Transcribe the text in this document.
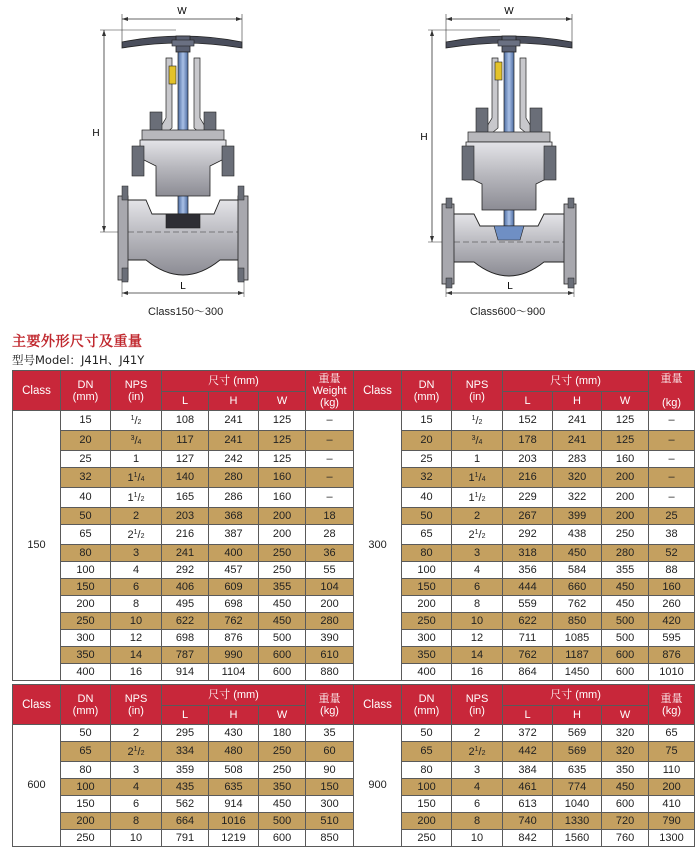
W
H
L
W
H
L
Class150～300	Class600～900
主要外形尺寸及重量
型号Model：J41H、J41Y
Class	DN
(mm)	NPS
(in)	尺寸 (mm)			重量
Weight
(kg)	Class	DN
(mm)	NPS
(in)	尺寸 (mm)			重量

(kg)
			L	H	W					L	H	W	
150	15	$^1$/2	108	241	125	–	300	15	$^1$/2	152	241	125	–
	20	$^3$/4	117	241	125	–		20	$^3$/4	178	241	125	–
	25	1	127	242	125	–		25	1	203	283	160	–
	32	$1^1/4$	140	280	160	–		32	$1^1/4$	216	320	200	–
	40	$1^1/2$	165	286	160	–		40	$1^1/2$	229	322	200	–
	50	2	203	368	200	18		50	2	267	399	200	25
	65	$2^1/2$	216	387	200	28		65	$2^1/2$	292	438	250	38
	80	3	241	400	250	36		80	3	318	450	280	52
	100	4	292	457	250	55		100	4	356	584	355	88
	150	6	406	609	355	104		150	6	444	660	450	160
	200	8	495	698	450	200		200	8	559	762	450	260
	250	10	622	762	450	280		250	10	622	850	500	420
	300	12	698	876	500	390		300	12	711	1085	500	595
	350	14	787	990	600	610		350	14	762	1187	600	876
	400	16	914	1104	600	880		400	16	864	1450	600	1010
Class	DN
(mm)	NPS
(in)	尺寸 (mm)			重量
(kg)	Class	DN
(mm)	NPS
(in)	尺寸 (mm)			重量
(kg)
			L	H	W					L	H	W	
600	50	2	295	430	180	35	900	50	2	372	569	320	65
	65	$2^1/2$	334	480	250	60		65	$2^1/2$	442	569	320	75
	80	3	359	508	250	90		80	3	384	635	350	110
	100	4	435	635	350	150		100	4	461	774	450	200
	150	6	562	914	450	300		150	6	613	1040	600	410
	200	8	664	1016	500	510		200	8	740	1330	720	790
	250	10	791	1219	600	850		250	10	842	1560	760	1300
